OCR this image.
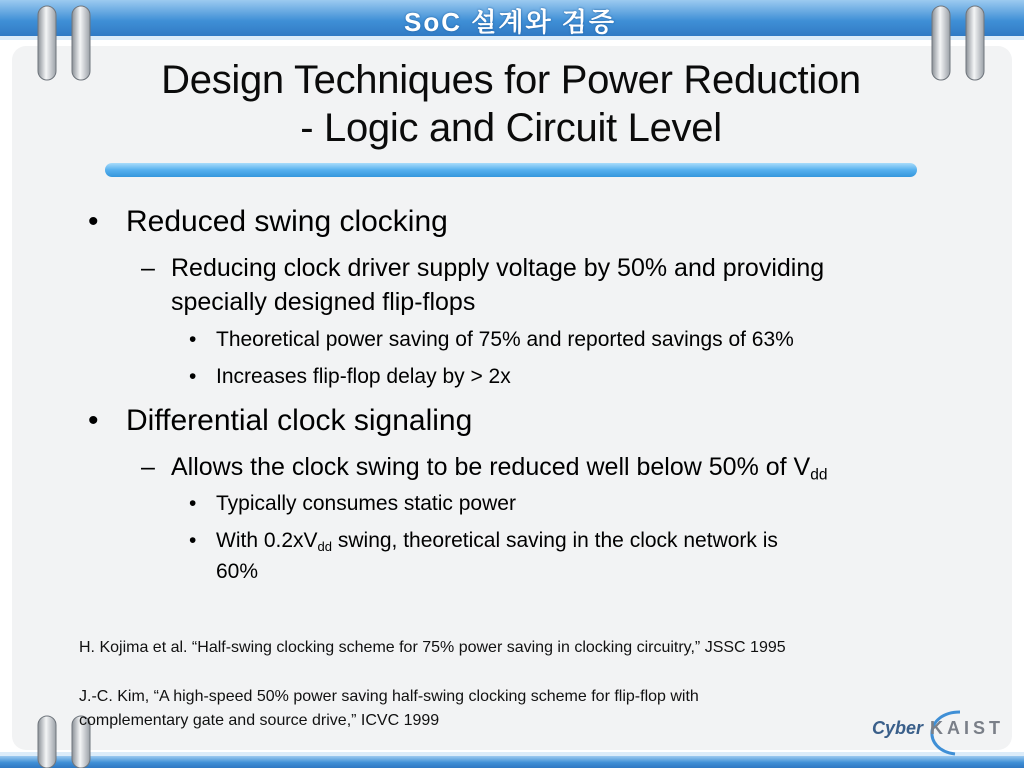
SoC 설계와 검증
Design Techniques for Power Reduction
- Logic and Circuit Level
• Reduced swing clocking
– Reducing clock driver supply voltage by 50% and providing
specially designed flip-flops
• Theoretical power saving of 75% and reported savings of 63%
• Increases flip-flop delay by > 2x
• Differential clock signaling
– Allows the clock swing to be reduced well below 50% of $V_{dd}$
• Typically consumes static power
• With $0.2xV_{dd}$ swing, theoretical saving in the clock network is
60%
H. Kojima et al. “Half-swing clocking scheme for 75% power saving in clocking circuitry,” JSSC 1995
J.-C. Kim, “A high-speed 50% power saving half-swing clocking scheme for flip-flop with
complementary gate and source drive,” ICVC 1999	Cyber KAIST
